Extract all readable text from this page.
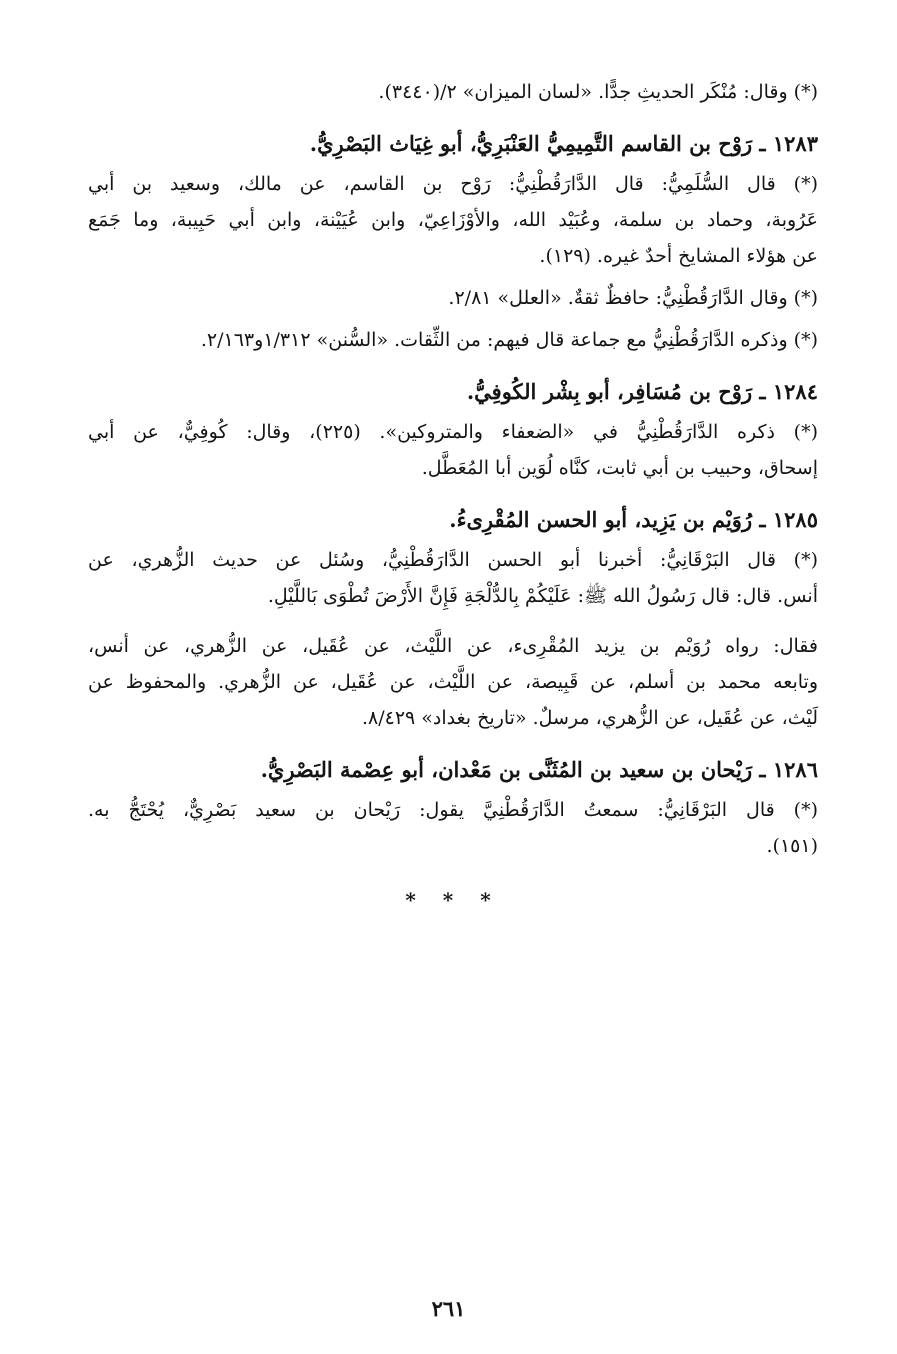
(*) وقال: مُنْكَر الحديثِ جدًّا. «لسان الميزان» ٢/(٣٤٤٠).

١٢٨٣ ـ رَوْح بن القاسم التَّمِيمِيُّ العَنْبَرِيُّ، أبو غِيَاث البَصْرِيُّ.

(*) قال السُّلَمِيُّ: قال الدَّارَقُطْنِيُّ: رَوْح بن القاسم، عن مالك، وسعيد بن أبي

عَرُوبة، وحماد بن سلمة، وعُبَيْد الله، والأوْزَاعِيّ، وابن عُيَيْنة، وابن أبي حَبِيبة، وما جَمَع

عن هؤلاء المشايخ أحدٌ غيره. (١٢٩).

(*) وقال الدَّارَقُطْنِيُّ: حافظٌ ثقةٌ. «العلل» ٢/٨١.

(*) وذكره الدَّارَقُطْنِيُّ مع جماعة قال فيهم: من الثِّقات. «السُّنن» ١/٣١٢و٢/١٦٣.

١٢٨٤ ـ رَوْح بن مُسَافِر، أبو بِشْر الكُوفِيُّ.

(*) ذكره الدَّارَقُطْنِيُّ في «الضعفاء والمتروكين». (٢٢٥)، وقال: كُوفِيٌّ، عن أبي

إسحاق، وحبيب بن أبي ثابت، كنَّاه لُوَين أبا المُعَطَّل.

١٢٨٥ ـ رُوَيْم بن يَزِيد، أبو الحسن المُقْرِىءُ.

(*) قال البَرْقَانِيُّ: أخبرنا أبو الحسن الدَّارَقُطْنِيُّ، وسُئل عن حديث الزُّهري، عن

أنس. قال: قال رَسُولُ الله ﷺ: عَلَيْكُمْ بِالدُّلْجَةِ فَإِنَّ الأَرْضَ تُطْوَى بَاللَّيْلِ.

فقال: رواه رُوَيْم بن يزيد المُقْرِىء، عن اللَّيْث، عن عُقَيل، عن الزُّهري، عن أنس،

وتابعه محمد بن أسلم، عن قَبِيصة، عن اللَّيْث، عن عُقَيل، عن الزُّهري. والمحفوظ عن

لَيْث، عن عُقَيل، عن الزُّهري، مرسلٌ. «تاريخ بغداد» ٨/٤٢٩.

١٢٨٦ ـ رَيْحان بن سعيد بن المُثَنَّى بن مَعْدان، أبو عِصْمة البَصْرِيُّ.

(*) قال البَرْقَانِيُّ: سمعتُ الدَّارَقُطْنِيَّ يقول: رَيْحان بن سعيد بَصْرِيٌّ، يُحْتَجُّ به.

(١٥١).

* * *

٢٦١
